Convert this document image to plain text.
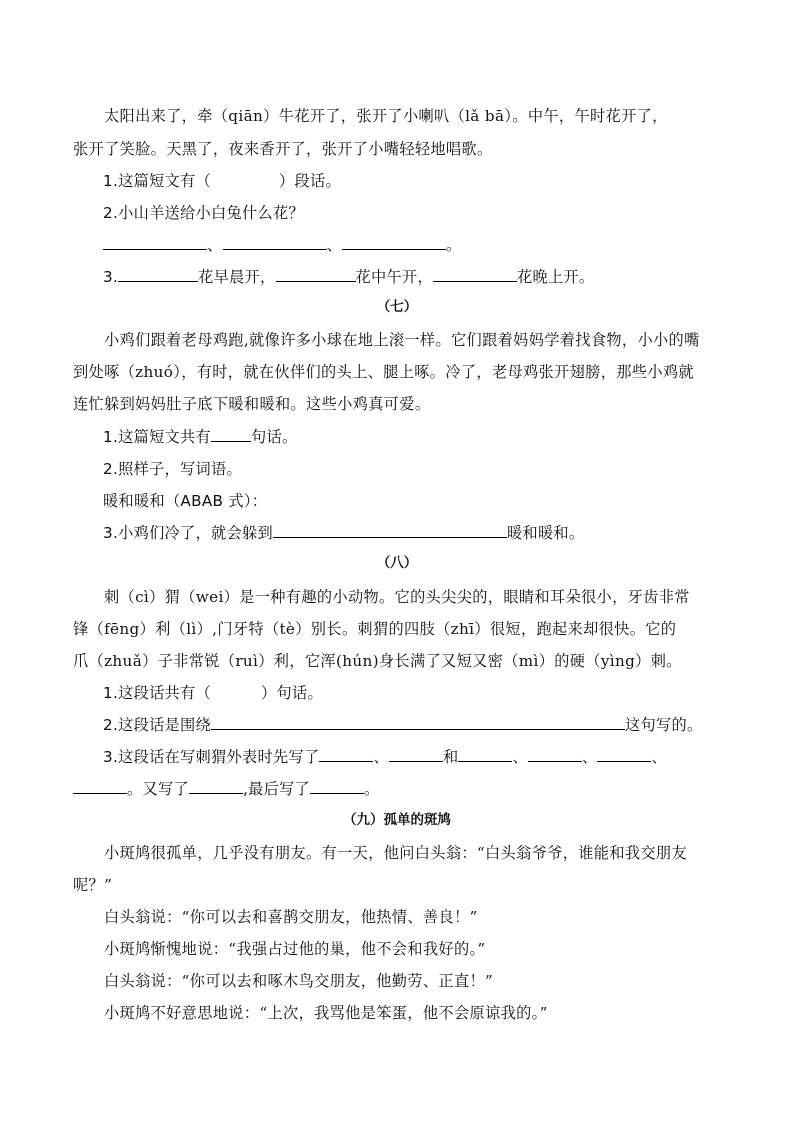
太阳出来了，牵（qiān）牛花开了，张开了小喇叭（lǎ bā）。中午，午时花开了，
张开了笑脸。天黑了，夜来香开了，张开了小嘴轻轻地唱歌。
1.这篇短文有（	）段话。
2.小山羊送给小白兔什么花？
、	、	。
3.	花早晨开，	花中午开，	花晚上开。
（七）
小鸡们跟着老母鸡跑,就像许多小球在地上滚一样。它们跟着妈妈学着找食物，小小的嘴
到处啄（zhuó），有时，就在伙伴们的头上、腿上啄。冷了，老母鸡张开翅膀，那些小鸡就
连忙躲到妈妈肚子底下暖和暖和。这些小鸡真可爱。
1.这篇短文共有	句话。
2.照样子，写词语。
暖和暖和（ABAB 式）：
3.小鸡们冷了，就会躲到	暖和暖和。
（八）
刺（cì）猬（wei）是一种有趣的小动物。它的头尖尖的，眼睛和耳朵很小，牙齿非常
锋（fēng）利（lì）,门牙特（tè）别长。刺猬的四肢（zhī）很短，跑起来却很快。它的
爪（zhuǎ）子非常锐（ruì）利，它浑(hún)身长满了又短又密（mì）的硬（yìng）刺。
1.这段话共有（	）句话。
2.这段话是围绕	这句写的。
3.这段话在写刺猬外表时先写了	、	和	、	、	、
。又写了	,最后写了	。
（九）孤单的斑鸠
小斑鸠很孤单，几乎没有朋友。有一天，他问白头翁：“白头翁爷爷，谁能和我交朋友
呢？”
白头翁说：“你可以去和喜鹊交朋友，他热情、善良！”
小斑鸠惭愧地说：“我强占过他的巢，他不会和我好的。”
白头翁说：“你可以去和啄木鸟交朋友，他勤劳、正直！”
小斑鸠不好意思地说：“上次，我骂他是笨蛋，他不会原谅我的。”
